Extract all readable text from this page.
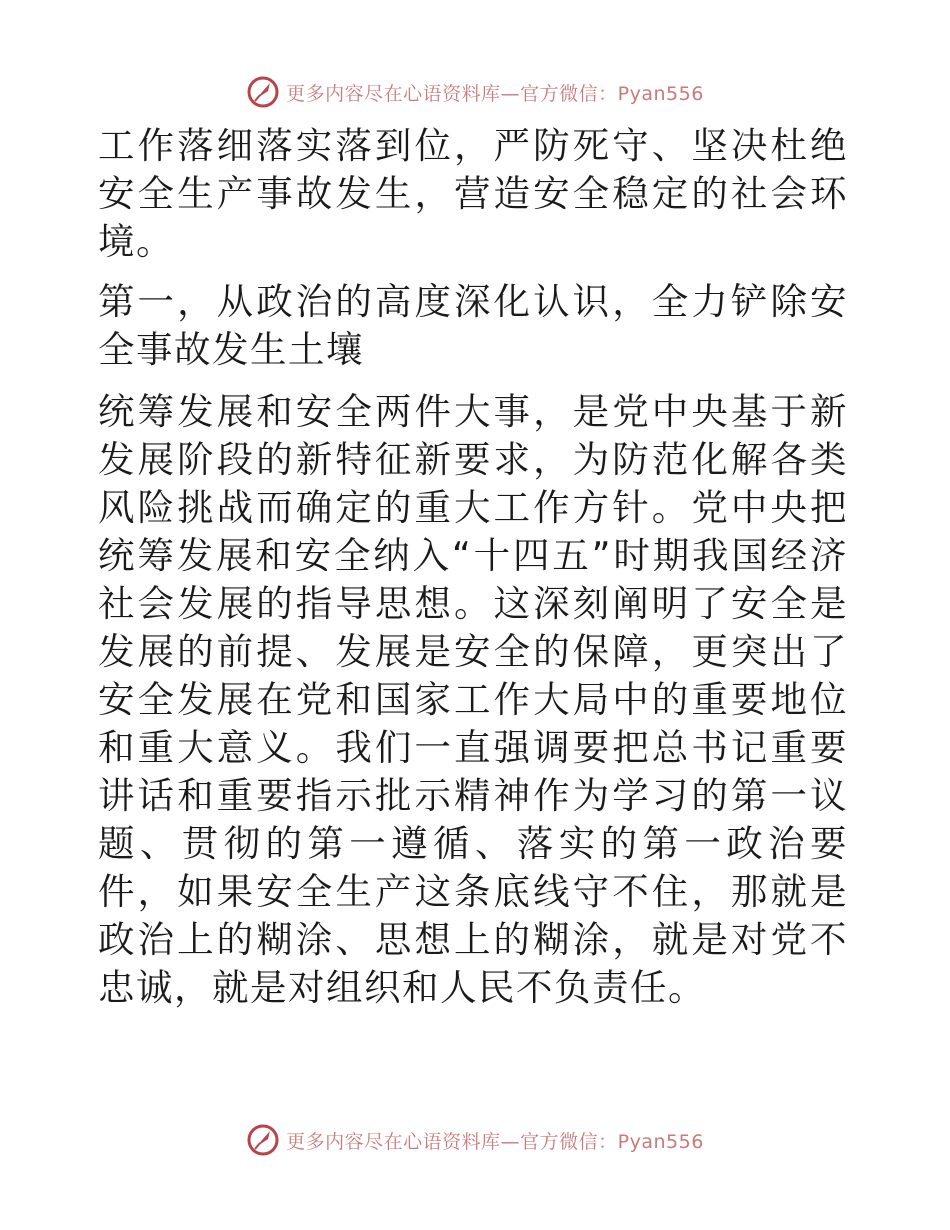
更多内容尽在心语资料库—官方微信：Pyan556

工作落细落实落到位，严防死守、坚决杜绝安全生产事故发生，营造安全稳定的社会环境。

第一，从政治的高度深化认识，全力铲除安全事故发生土壤

统筹发展和安全两件大事，是党中央基于新发展阶段的新特征新要求，为防范化解各类风险挑战而确定的重大工作方针。党中央把统筹发展和安全纳入“十四五”时期我国经济社会发展的指导思想。这深刻阐明了安全是发展的前提、发展是安全的保障，更突出了安全发展在党和国家工作大局中的重要地位和重大意义。我们一直强调要把总书记重要讲话和重要指示批示精神作为学习的第一议题、贯彻的第一遵循、落实的第一政治要件，如果安全生产这条底线守不住，那就是政治上的糊涂、思想上的糊涂，就是对党不忠诚，就是对组织和人民不负责任。

更多内容尽在心语资料库—官方微信：Pyan556
